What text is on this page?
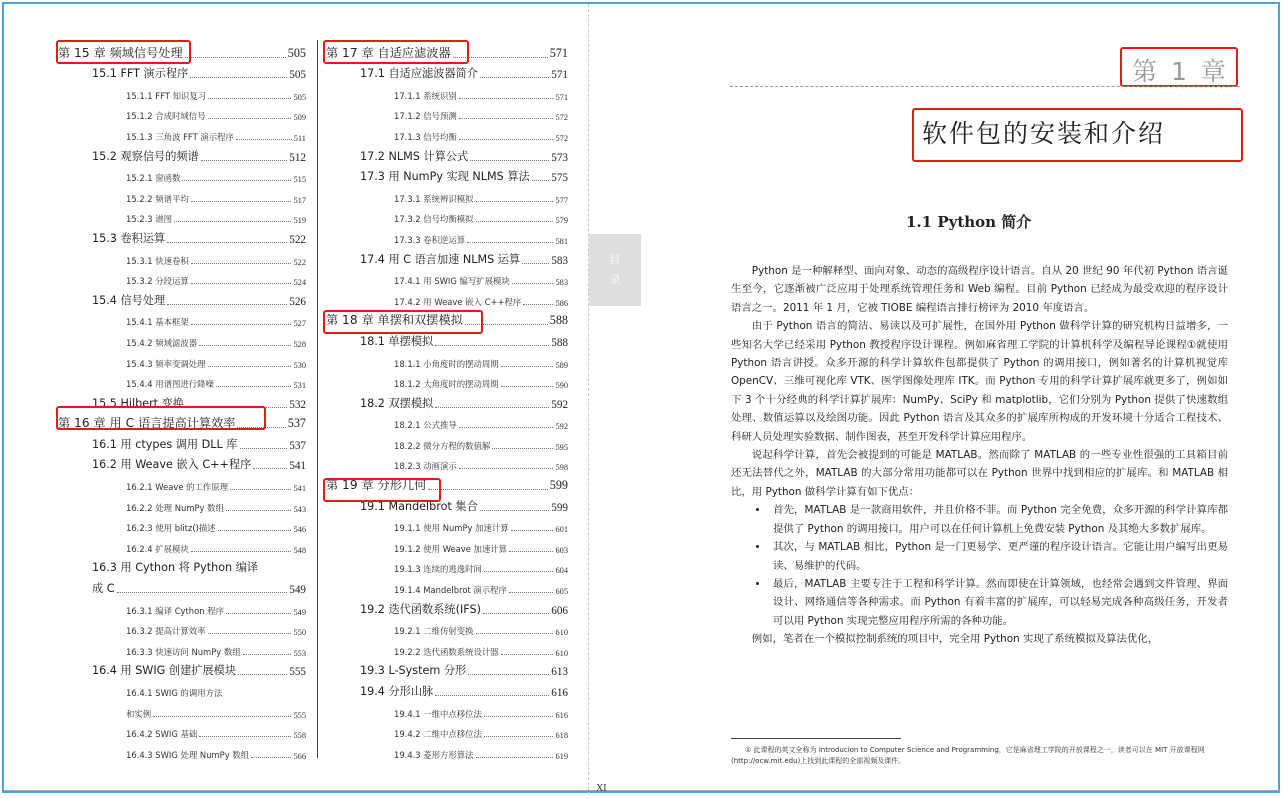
第 15 章 频域信号处理	505
15.1 FFT 演示程序	505
15.1.1 FFT 知识复习	505
15.1.2 合成时域信号	509
15.1.3 三角波 FFT 演示程序	511
15.2 观察信号的频谱	512
15.2.1 窗函数	515
15.2.2 频谱平均	517
15.2.3 谱图	519
15.3 卷积运算	522
15.3.1 快速卷积	522
15.3.2 分段运算	524
15.4 信号处理	526
15.4.1 基本框架	527
15.4.2 频域滤波器	528
15.4.3 频率变调处理	530
15.4.4 用谱图进行降噪	531
15.5 Hilbert 变换	532
第 16 章 用 C 语言提高计算效率	537
16.1 用 ctypes 调用 DLL 库	537
16.2 用 Weave 嵌入 C++程序	541
16.2.1 Weave 的工作原理	541
16.2.2 处理 NumPy 数组	543
16.2.3 使用 blitz()描述	546
16.2.4 扩展模块	548
16.3 用 Cython 将 Python 编译
成 C	549
16.3.1 编译 Cython 程序	549
16.3.2 提高计算效率	550
16.3.3 快速访问 NumPy 数组	553
16.4 用 SWIG 创建扩展模块	555
16.4.1 SWIG 的调用方法
和实例	555
16.4.2 SWIG 基础	558
16.4.3 SWIG 处理 NumPy 数组	566
第 17 章 自适应滤波器	571
17.1 自适应滤波器简介	571
17.1.1 系统识别	571
17.1.2 信号预测	572
17.1.3 信号均衡	572
17.2 NLMS 计算公式	573
17.3 用 NumPy 实现 NLMS 算法 575
17.3.1 系统辨识模拟	577
17.3.2 信号均衡模拟	579
17.3.3 卷积逆运算	581
17.4 用 C 语言加速 NLMS 运算	583
17.4.1 用 SWIG 编写扩展模块	583
17.4.2 用 Weave 嵌入 C++程序	586
第 18 章 单摆和双摆模拟	588
18.1 单摆模拟	588
18.1.1 小角度时的摆动周期	589
18.1.2 大角度时的摆动周期	590
18.2 双摆模拟	592
18.2.1 公式推导	592
18.2.2 微分方程的数值解	595
18.2.3 动画演示	598
第 19 章 分形几何	599
19.1 Mandelbrot 集合	599
19.1.1 使用 NumPy 加速计算	601
19.1.2 使用 Weave 加速计算	603
19.1.3 连续的逃逸时间	604
19.1.4 Mandelbrot 演示程序	605
19.2 迭代函数系统(IFS)	606
19.2.1 二维仿射变换	610
19.2.2 迭代函数系统设计器	610
19.3 L-System 分形	613
19.4 分形山脉	616
19.4.1 一维中点移位法	616
19.4.2 二维中点移位法	618
19.4.3 菱形方形算法	619
目
录
第 1 章
软件包的安装和介绍
1.1 Python 简介

Python 是一种解释型、面向对象、动态的高级程序设计语言。自从 20 世纪 90 年代初 Python 语言诞生至今，它逐渐被广泛应用于处理系统管理任务和 Web 编程。目前 Python 已经成为最受欢迎的程序设计语言之一。2011 年 1 月，它被 TIOBE 编程语言排行榜评为 2010 年度语言。

由于 Python 语言的简洁、易读以及可扩展性，在国外用 Python 做科学计算的研究机构日益增多，一些知名大学已经采用 Python 教授程序设计课程。例如麻省理工学院的计算机科学及编程导论课程①就使用 Python 语言讲授。众多开源的科学计算软件包都提供了 Python 的调用接口，例如著名的计算机视觉库 OpenCV、三维可视化库 VTK、医学图像处理库 ITK。而 Python 专用的科学计算扩展库就更多了，例如如下 3 个十分经典的科学计算扩展库：NumPy、SciPy 和 matplotlib，它们分别为 Python 提供了快速数组处理、数值运算以及绘图功能。因此 Python 语言及其众多的扩展库所构成的开发环境十分适合工程技术、科研人员处理实验数据、制作图表，甚至开发科学计算应用程序。

说起科学计算，首先会被提到的可能是 MATLAB。然而除了 MATLAB 的一些专业性很强的工具箱目前还无法替代之外，MATLAB 的大部分常用功能都可以在 Python 世界中找到相应的扩展库。和 MATLAB 相比，用 Python 做科学计算有如下优点：

• 首先，MATLAB 是一款商用软件，并且价格不菲。而 Python 完全免费，众多开源的科学计算库都提供了 Python 的调用接口。用户可以在任何计算机上免费安装 Python 及其绝大多数扩展库。
• 其次，与 MATLAB 相比，Python 是一门更易学、更严谨的程序设计语言。它能让用户编写出更易读、易维护的代码。
• 最后，MATLAB 主要专注于工程和科学计算。然而即使在计算领域，也经常会遇到文件管理、界面设计、网络通信等各种需求。而 Python 有着丰富的扩展库，可以轻易完成各种高级任务，开发者可以用 Python 实现完整应用程序所需的各种功能。

例如，笔者在一个模拟控制系统的项目中，完全用 Python 实现了系统模拟及算法优化，

① 此课程的英文全称为 Introducion to Computer Science and Programming，它是麻省理工学院的开放课程之一，读者可以在 MIT 开放课程网(http://ocw.mit.edu)上找到此课程的全部视频及课件。
XI
